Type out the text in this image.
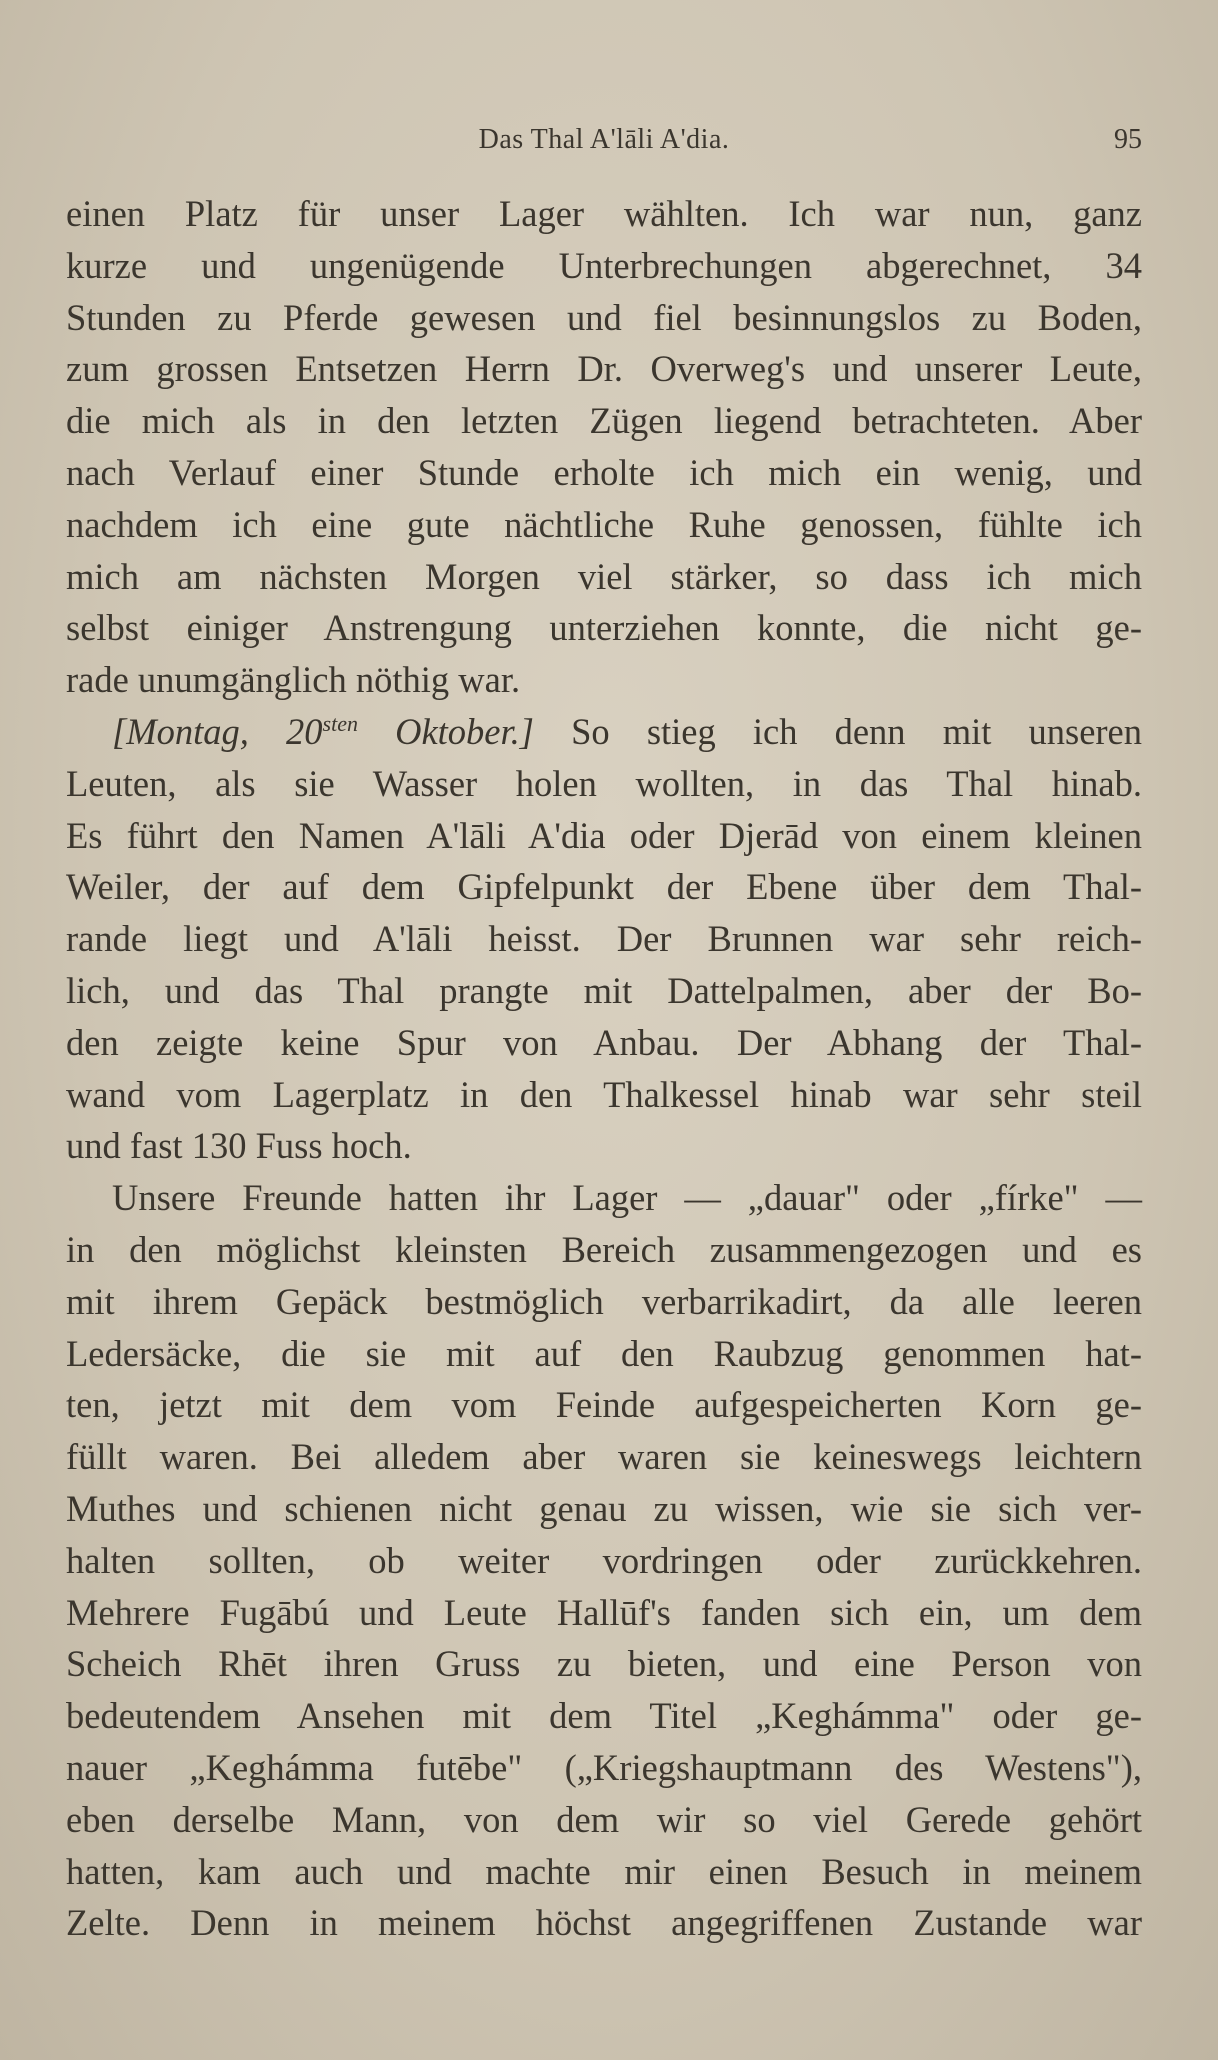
Das Thal A'lāli A'dia.	95
einen Platz für unser Lager wählten. Ich war nun, ganz
kurze und ungenügende Unterbrechungen abgerechnet, 34
Stunden zu Pferde gewesen und fiel besinnungslos zu Boden,
zum grossen Entsetzen Herrn Dr. Overweg's und unserer Leute,
die mich als in den letzten Zügen liegend betrachteten. Aber
nach Verlauf einer Stunde erholte ich mich ein wenig, und
nachdem ich eine gute nächtliche Ruhe genossen, fühlte ich
mich am nächsten Morgen viel stärker, so dass ich mich
selbst einiger Anstrengung unterziehen konnte, die nicht ge-
rade unumgänglich nöthig war.
[Montag, $20^{sten}$ Oktober.] So stieg ich denn mit unseren
Leuten, als sie Wasser holen wollten, in das Thal hinab.
Es führt den Namen A'lāli A'dia oder Djerād von einem kleinen
Weiler, der auf dem Gipfelpunkt der Ebene über dem Thal-
rande liegt und A'lāli heisst. Der Brunnen war sehr reich-
lich, und das Thal prangte mit Dattelpalmen, aber der Bo-
den zeigte keine Spur von Anbau. Der Abhang der Thal-
wand vom Lagerplatz in den Thalkessel hinab war sehr steil
und fast 130 Fuss hoch.
Unsere Freunde hatten ihr Lager — „dauar" oder „fírke" —
in den möglichst kleinsten Bereich zusammengezogen und es
mit ihrem Gepäck bestmöglich verbarrikadirt, da alle leeren
Ledersäcke, die sie mit auf den Raubzug genommen hat-
ten, jetzt mit dem vom Feinde aufgespeicherten Korn ge-
füllt waren. Bei alledem aber waren sie keineswegs leichtern
Muthes und schienen nicht genau zu wissen, wie sie sich ver-
halten sollten, ob weiter vordringen oder zurückkehren.
Mehrere Fugābú und Leute Hallūf's fanden sich ein, um dem
Scheich Rhēt ihren Gruss zu bieten, und eine Person von
bedeutendem Ansehen mit dem Titel „Keghámma" oder ge-
nauer „Keghámma futēbe" („Kriegshauptmann des Westens"),
eben derselbe Mann, von dem wir so viel Gerede gehört
hatten, kam auch und machte mir einen Besuch in meinem
Zelte. Denn in meinem höchst angegriffenen Zustande war
